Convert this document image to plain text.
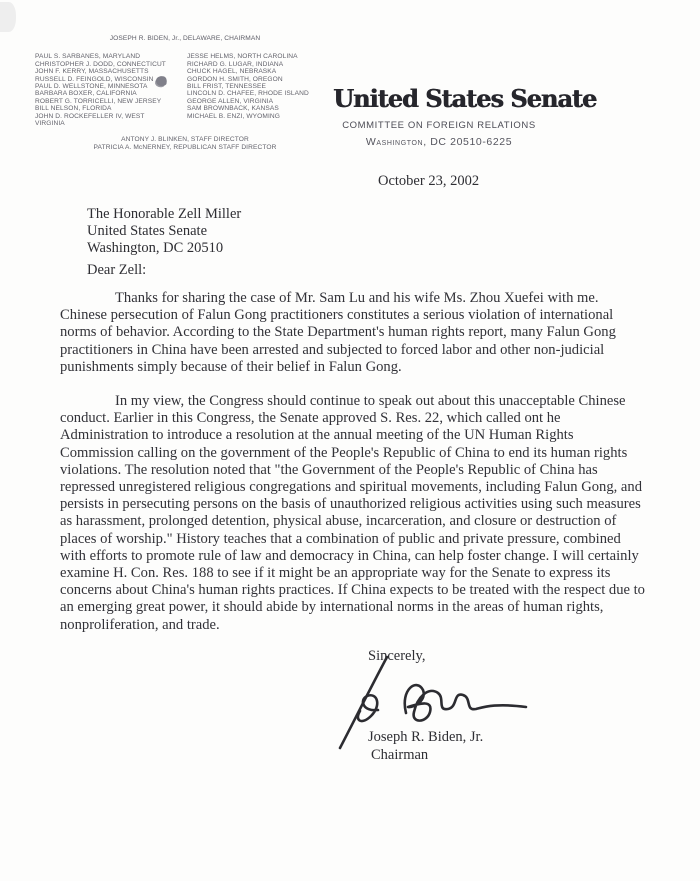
JOSEPH R. BIDEN, Jr., DELAWARE, CHAIRMAN
PAUL S. SARBANES, MARYLAND
CHRISTOPHER J. DODD, CONNECTICUT
JOHN F. KERRY, MASSACHUSETTS
RUSSELL D. FEINGOLD, WISCONSIN
PAUL D. WELLSTONE, MINNESOTA
BARBARA BOXER, CALIFORNIA
ROBERT G. TORRICELLI, NEW JERSEY
BILL NELSON, FLORIDA
JOHN D. ROCKEFELLER IV, WEST VIRGINIA
JESSE HELMS, NORTH CAROLINA
RICHARD G. LUGAR, INDIANA
CHUCK HAGEL, NEBRASKA
GORDON H. SMITH, OREGON
BILL FRIST, TENNESSEE
LINCOLN D. CHAFEE, RHODE ISLAND
GEORGE ALLEN, VIRGINIA
SAM BROWNBACK, KANSAS
MICHAEL B. ENZI, WYOMING
ANTONY J. BLINKEN, STAFF DIRECTOR
PATRICIA A. McNERNEY, REPUBLICAN STAFF DIRECTOR
United States Senate
COMMITTEE ON FOREIGN RELATIONS
Washington, DC 20510-6225
October 23, 2002
The Honorable Zell Miller
United States Senate
Washington, DC 20510
Dear Zell:

Thanks for sharing the case of Mr. Sam Lu and his wife Ms. Zhou Xuefei with me. Chinese persecution of Falun Gong practitioners constitutes a serious violation of international norms of behavior. According to the State Department's human rights report, many Falun Gong practitioners in China have been arrested and subjected to forced labor and other non-judicial punishments simply because of their belief in Falun Gong.

In my view, the Congress should continue to speak out about this unacceptable Chinese conduct. Earlier in this Congress, the Senate approved S. Res. 22, which called ont he Administration to introduce a resolution at the annual meeting of the UN Human Rights Commission calling on the government of the People's Republic of China to end its human rights violations. The resolution noted that "the Government of the People's Republic of China has repressed unregistered religious congregations and spiritual movements, including Falun Gong, and persists in persecuting persons on the basis of unauthorized religious activities using such measures as harassment, prolonged detention, physical abuse, incarceration, and closure or destruction of places of worship." History teaches that a combination of public and private pressure, combined with efforts to promote rule of law and democracy in China, can help foster change. I will certainly examine H. Con. Res. 188 to see if it might be an appropriate way for the Senate to express its concerns about China's human rights practices. If China expects to be treated with the respect due to an emerging great power, it should abide by international norms in the areas of human rights, nonproliferation, and trade.

Sincerely,
Joseph R. Biden, Jr.
Chairman
